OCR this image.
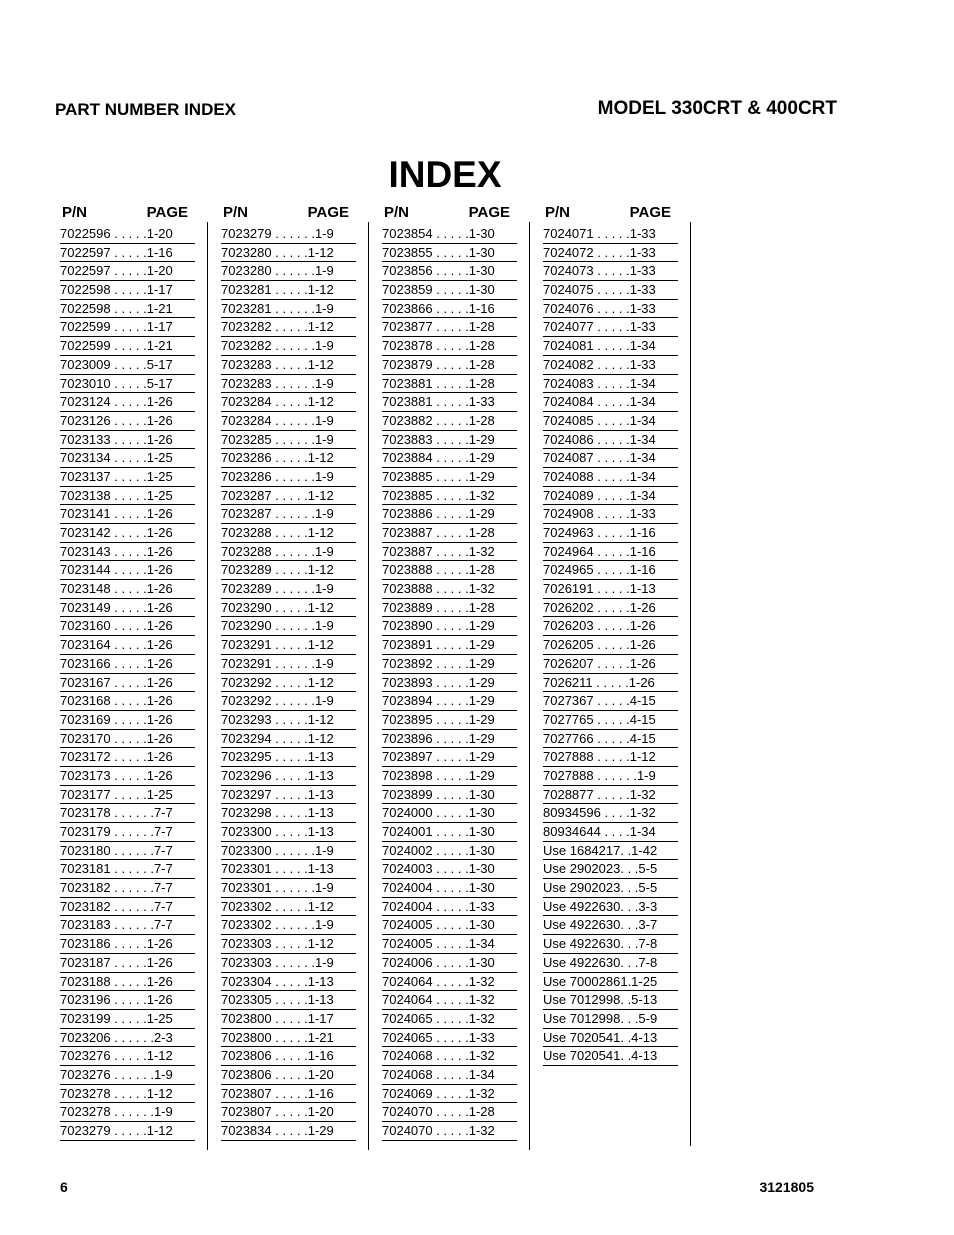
PART NUMBER INDEX	MODEL 330CRT & 400CRT
INDEX
P/N	PAGE
7022596 . . . . .1-20
7022597 . . . . .1-16
7022597 . . . . .1-20
7022598 . . . . .1-17
7022598 . . . . .1-21
7022599 . . . . .1-17
7022599 . . . . .1-21
7023009 . . . . .5-17
7023010 . . . . .5-17
7023124 . . . . .1-26
7023126 . . . . .1-26
7023133 . . . . .1-26
7023134 . . . . .1-25
7023137 . . . . .1-25
7023138 . . . . .1-25
7023141 . . . . .1-26
7023142 . . . . .1-26
7023143 . . . . .1-26
7023144 . . . . .1-26
7023148 . . . . .1-26
7023149 . . . . .1-26
7023160 . . . . .1-26
7023164 . . . . .1-26
7023166 . . . . .1-26
7023167 . . . . .1-26
7023168 . . . . .1-26
7023169 . . . . .1-26
7023170 . . . . .1-26
7023172 . . . . .1-26
7023173 . . . . .1-26
7023177 . . . . .1-25
7023178 . . . . . .7-7
7023179 . . . . . .7-7
7023180 . . . . . .7-7
7023181 . . . . . .7-7
7023182 . . . . . .7-7
7023182 . . . . . .7-7
7023183 . . . . . .7-7
7023186 . . . . .1-26
7023187 . . . . .1-26
7023188 . . . . .1-26
7023196 . . . . .1-26
7023199 . . . . .1-25
7023206 . . . . . .2-3
7023276 . . . . .1-12
7023276 . . . . . .1-9
7023278 . . . . .1-12
7023278 . . . . . .1-9
7023279 . . . . .1-12
P/N	PAGE
7023279 . . . . . .1-9
7023280 . . . . .1-12
7023280 . . . . . .1-9
7023281 . . . . .1-12
7023281 . . . . . .1-9
7023282 . . . . .1-12
7023282 . . . . . .1-9
7023283 . . . . .1-12
7023283 . . . . . .1-9
7023284 . . . . .1-12
7023284 . . . . . .1-9
7023285 . . . . . .1-9
7023286 . . . . .1-12
7023286 . . . . . .1-9
7023287 . . . . .1-12
7023287 . . . . . .1-9
7023288 . . . . .1-12
7023288 . . . . . .1-9
7023289 . . . . .1-12
7023289 . . . . . .1-9
7023290 . . . . .1-12
7023290 . . . . . .1-9
7023291 . . . . .1-12
7023291 . . . . . .1-9
7023292 . . . . .1-12
7023292 . . . . . .1-9
7023293 . . . . .1-12
7023294 . . . . .1-12
7023295 . . . . .1-13
7023296 . . . . .1-13
7023297 . . . . .1-13
7023298 . . . . .1-13
7023300 . . . . .1-13
7023300 . . . . . .1-9
7023301 . . . . .1-13
7023301 . . . . . .1-9
7023302 . . . . .1-12
7023302 . . . . . .1-9
7023303 . . . . .1-12
7023303 . . . . . .1-9
7023304 . . . . .1-13
7023305 . . . . .1-13
7023800 . . . . .1-17
7023800 . . . . .1-21
7023806 . . . . .1-16
7023806 . . . . .1-20
7023807 . . . . .1-16
7023807 . . . . .1-20
7023834 . . . . .1-29
P/N	PAGE
7023854 . . . . .1-30
7023855 . . . . .1-30
7023856 . . . . .1-30
7023859 . . . . .1-30
7023866 . . . . .1-16
7023877 . . . . .1-28
7023878 . . . . .1-28
7023879 . . . . .1-28
7023881 . . . . .1-28
7023881 . . . . .1-33
7023882 . . . . .1-28
7023883 . . . . .1-29
7023884 . . . . .1-29
7023885 . . . . .1-29
7023885 . . . . .1-32
7023886 . . . . .1-29
7023887 . . . . .1-28
7023887 . . . . .1-32
7023888 . . . . .1-28
7023888 . . . . .1-32
7023889 . . . . .1-28
7023890 . . . . .1-29
7023891 . . . . .1-29
7023892 . . . . .1-29
7023893 . . . . .1-29
7023894 . . . . .1-29
7023895 . . . . .1-29
7023896 . . . . .1-29
7023897 . . . . .1-29
7023898 . . . . .1-29
7023899 . . . . .1-30
7024000 . . . . .1-30
7024001 . . . . .1-30
7024002 . . . . .1-30
7024003 . . . . .1-30
7024004 . . . . .1-30
7024004 . . . . .1-33
7024005 . . . . .1-30
7024005 . . . . .1-34
7024006 . . . . .1-30
7024064 . . . . .1-32
7024064 . . . . .1-32
7024065 . . . . .1-32
7024065 . . . . .1-33
7024068 . . . . .1-32
7024068 . . . . .1-34
7024069 . . . . .1-32
7024070 . . . . .1-28
7024070 . . . . .1-32
P/N	PAGE
7024071 . . . . .1-33
7024072 . . . . .1-33
7024073 . . . . .1-33
7024075 . . . . .1-33
7024076 . . . . .1-33
7024077 . . . . .1-33
7024081 . . . . .1-34
7024082 . . . . .1-33
7024083 . . . . .1-34
7024084 . . . . .1-34
7024085 . . . . .1-34
7024086 . . . . .1-34
7024087 . . . . .1-34
7024088 . . . . .1-34
7024089 . . . . .1-34
7024908 . . . . .1-33
7024963 . . . . .1-16
7024964 . . . . .1-16
7024965 . . . . .1-16
7026191 . . . . .1-13
7026202 . . . . .1-26
7026203 . . . . .1-26
7026205 . . . . .1-26
7026207 . . . . .1-26
7026211 . . . . .1-26
7027367 . . . . .4-15
7027765 . . . . .4-15
7027766 . . . . .4-15
7027888 . . . . .1-12
7027888 . . . . . .1-9
7028877 . . . . .1-32
80934596 . . . .1-32
80934644 . . . .1-34
Use 1684217. .1-42
Use 2902023. . .5-5
Use 2902023. . .5-5
Use 4922630. . .3-3
Use 4922630. . .3-7
Use 4922630. . .7-8
Use 4922630. . .7-8
Use 70002861.1-25
Use 7012998. .5-13
Use 7012998. . .5-9
Use 7020541. .4-13
Use 7020541. .4-13
6	3121805
